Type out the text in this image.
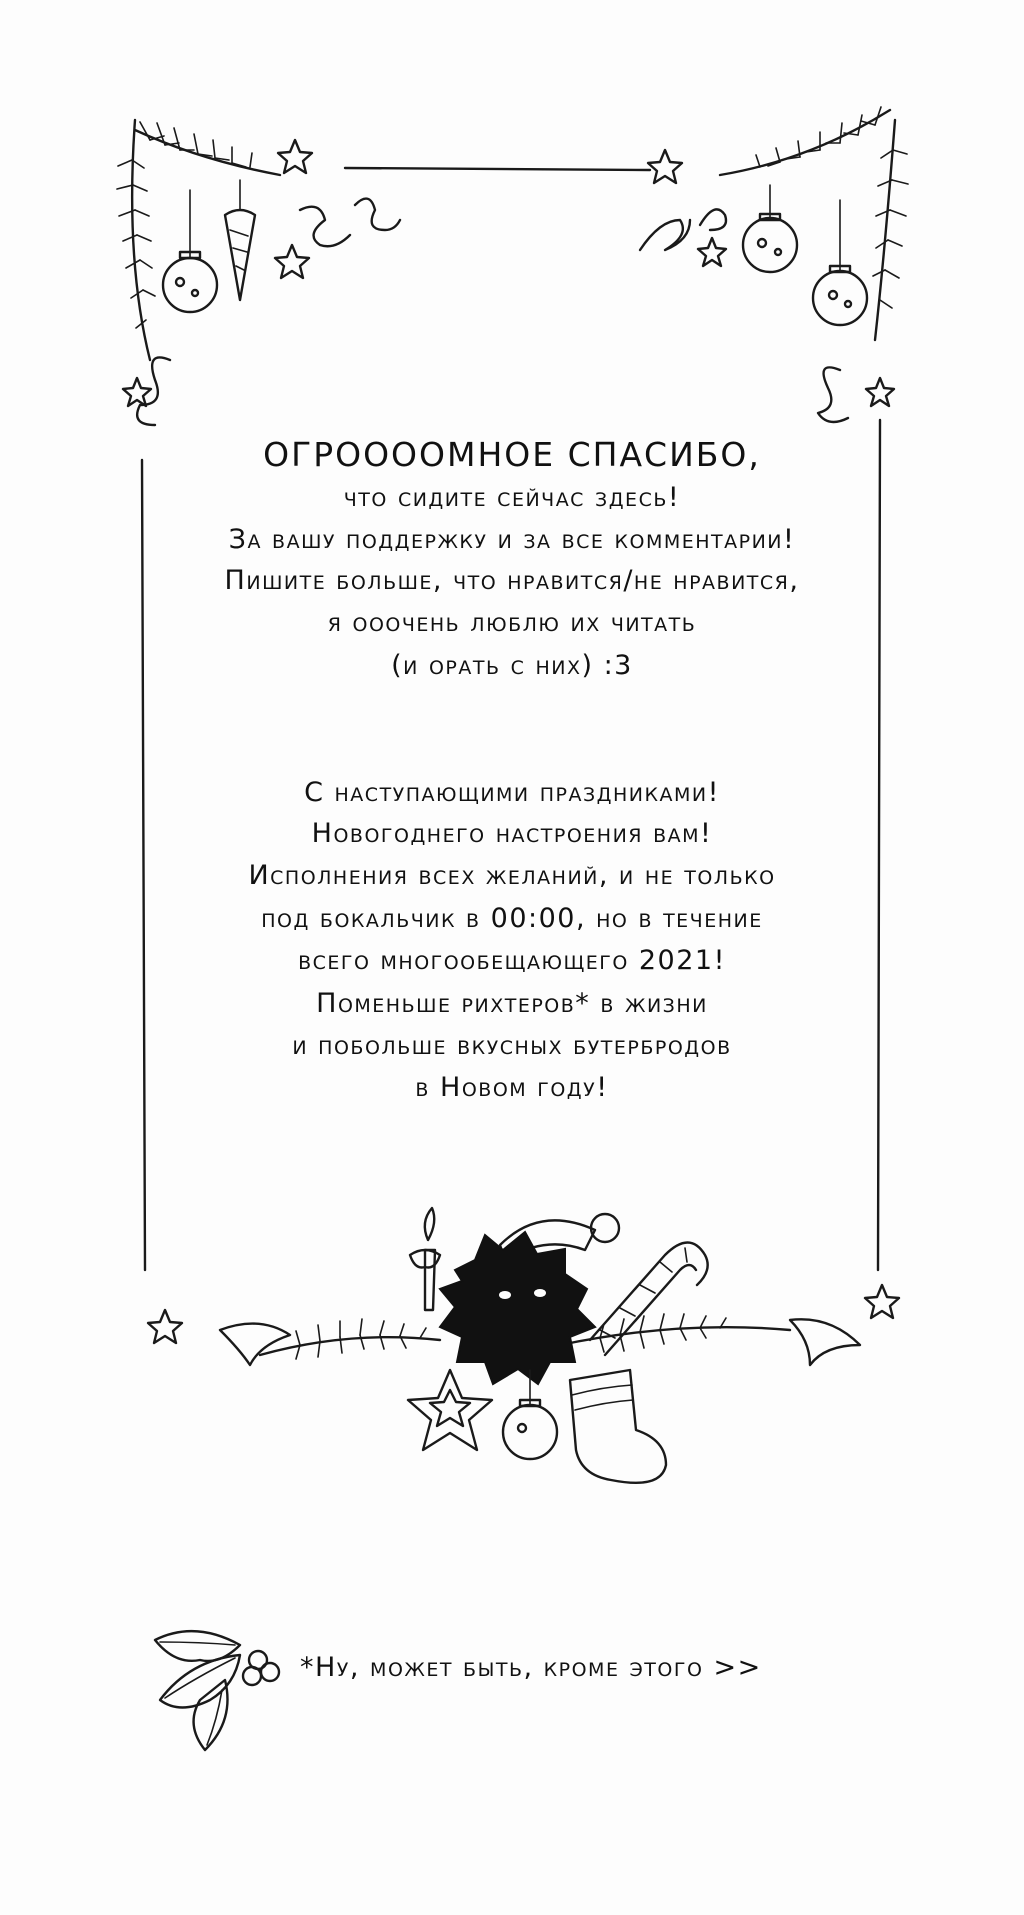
ОГРООООМНОЕ СПАСИБО,
что сидите сейчас здесь!
За вашу поддержку и за все комментарии!
Пишите больше, что нравится/не нравится,
я ооочень люблю их читать
(и орать с них) :3
С наступающими праздниками!
Новогоднего настроения вам!
Исполнения всех желаний, и не только
под бокальчик в 00:00, но в течение
всего многообещающего 2021!
Поменьше рихтеров* в жизни
и побольше вкусных бутербродов
в Новом году!
*Ну, может быть, кроме этого >>
